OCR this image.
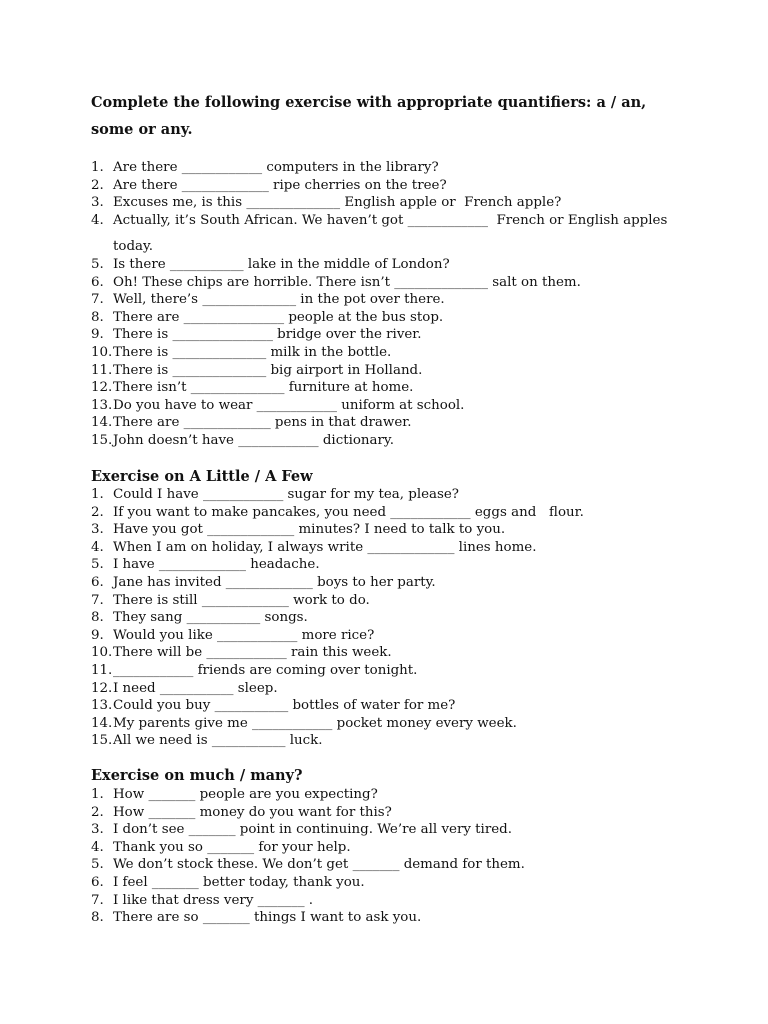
Complete the following exercise with appropriate quantifiers: a / an, some or any.

1. Are there ____________ computers in the library?
2. Are there _____________ ripe cherries on the tree?
3. Excuses me, is this ______________ English apple or  French apple?
4. Actually, it’s South African. We haven’t got ____________  French or English apples
today.
5. Is there ___________ lake in the middle of London?
6. Oh! These chips are horrible. There isn’t ______________ salt on them.
7. Well, there’s ______________ in the pot over there.
8. There are _______________ people at the bus stop.
9. There is _______________ bridge over the river.
10. There is ______________ milk in the bottle.
11. There is ______________ big airport in Holland.
12. There isn’t ______________ furniture at home.
13. Do you have to wear ____________ uniform at school.
14. There are _____________ pens in that drawer.
15. John doesn’t have ____________ dictionary.

Exercise on A Little / A Few

1. Could I have ____________ sugar for my tea, please?
2. If you want to make pancakes, you need ____________ eggs and   flour.
3. Have you got _____________ minutes? I need to talk to you.
4. When I am on holiday, I always write _____________ lines home.
5. I have _____________ headache.
6. Jane has invited _____________ boys to her party.
7. There is still _____________ work to do.
8. They sang ___________ songs.
9. Would you like ____________ more rice?
10. There will be ____________ rain this week.
11. ____________ friends are coming over tonight.
12. I need ___________ sleep.
13. Could you buy ___________ bottles of water for me?
14. My parents give me ____________ pocket money every week.
15. All we need is ___________ luck.

Exercise on much / many?

1. How _______ people are you expecting?
2. How _______ money do you want for this?
3. I don’t see _______ point in continuing. We’re all very tired.
4. Thank you so _______ for your help.
5. We don’t stock these. We don’t get _______ demand for them.
6. I feel _______ better today, thank you.
7. I like that dress very _______ .
8. There are so _______ things I want to ask you.
